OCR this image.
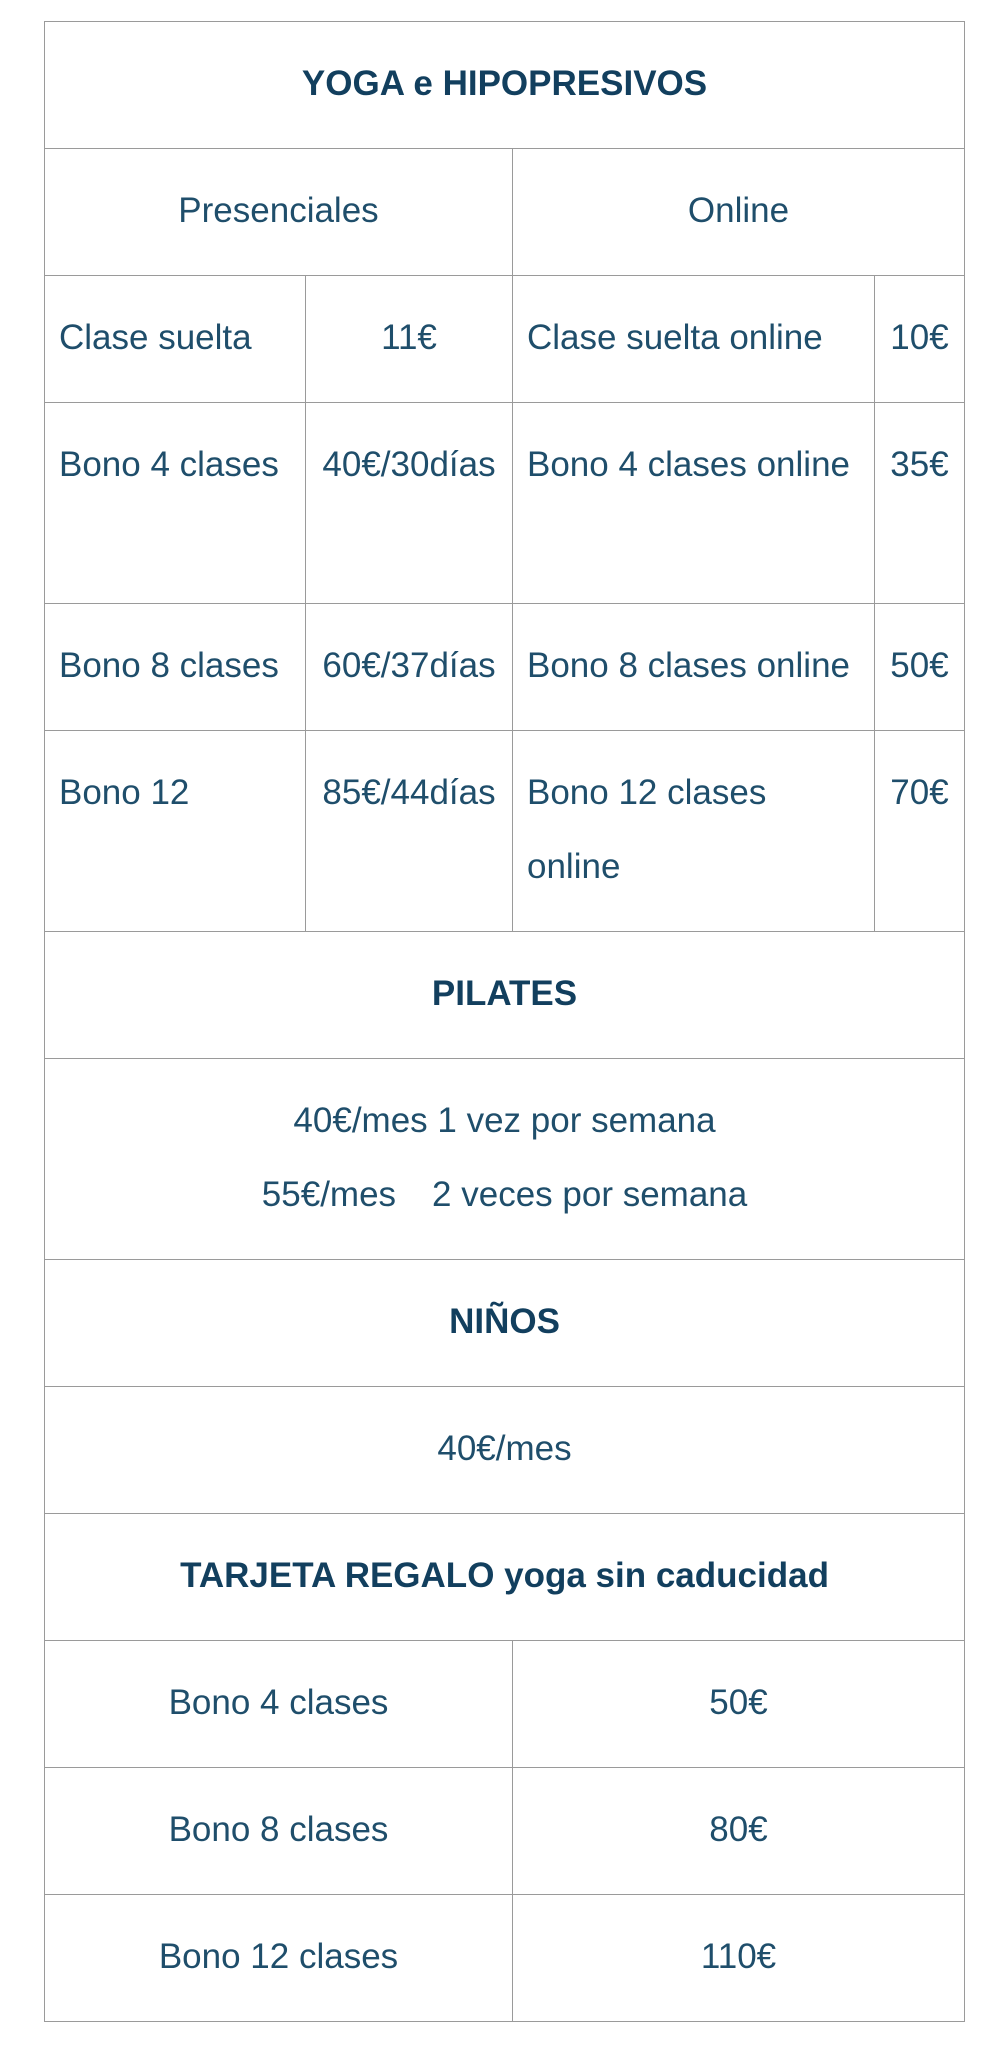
YOGA e HIPOPRESIVOS			
Presenciales		Online	
Clase suelta	11€	Clase suelta online	10€
Bono 4 clases	40€/30días	Bono 4 clases online	35€
Bono 8 clases	60€/37días	Bono 8 clases online	50€
Bono 12	85€/44días	Bono 12 clases online	70€
PILATES			

40€/mes 1 vez por semana
55€/mes 2 veces por semana			

NIÑOS			
40€/mes			
TARJETA REGALO yoga sin caducidad			
Bono 4 clases		50€	
Bono 8 clases		80€	
Bono 12 clases		110€	
